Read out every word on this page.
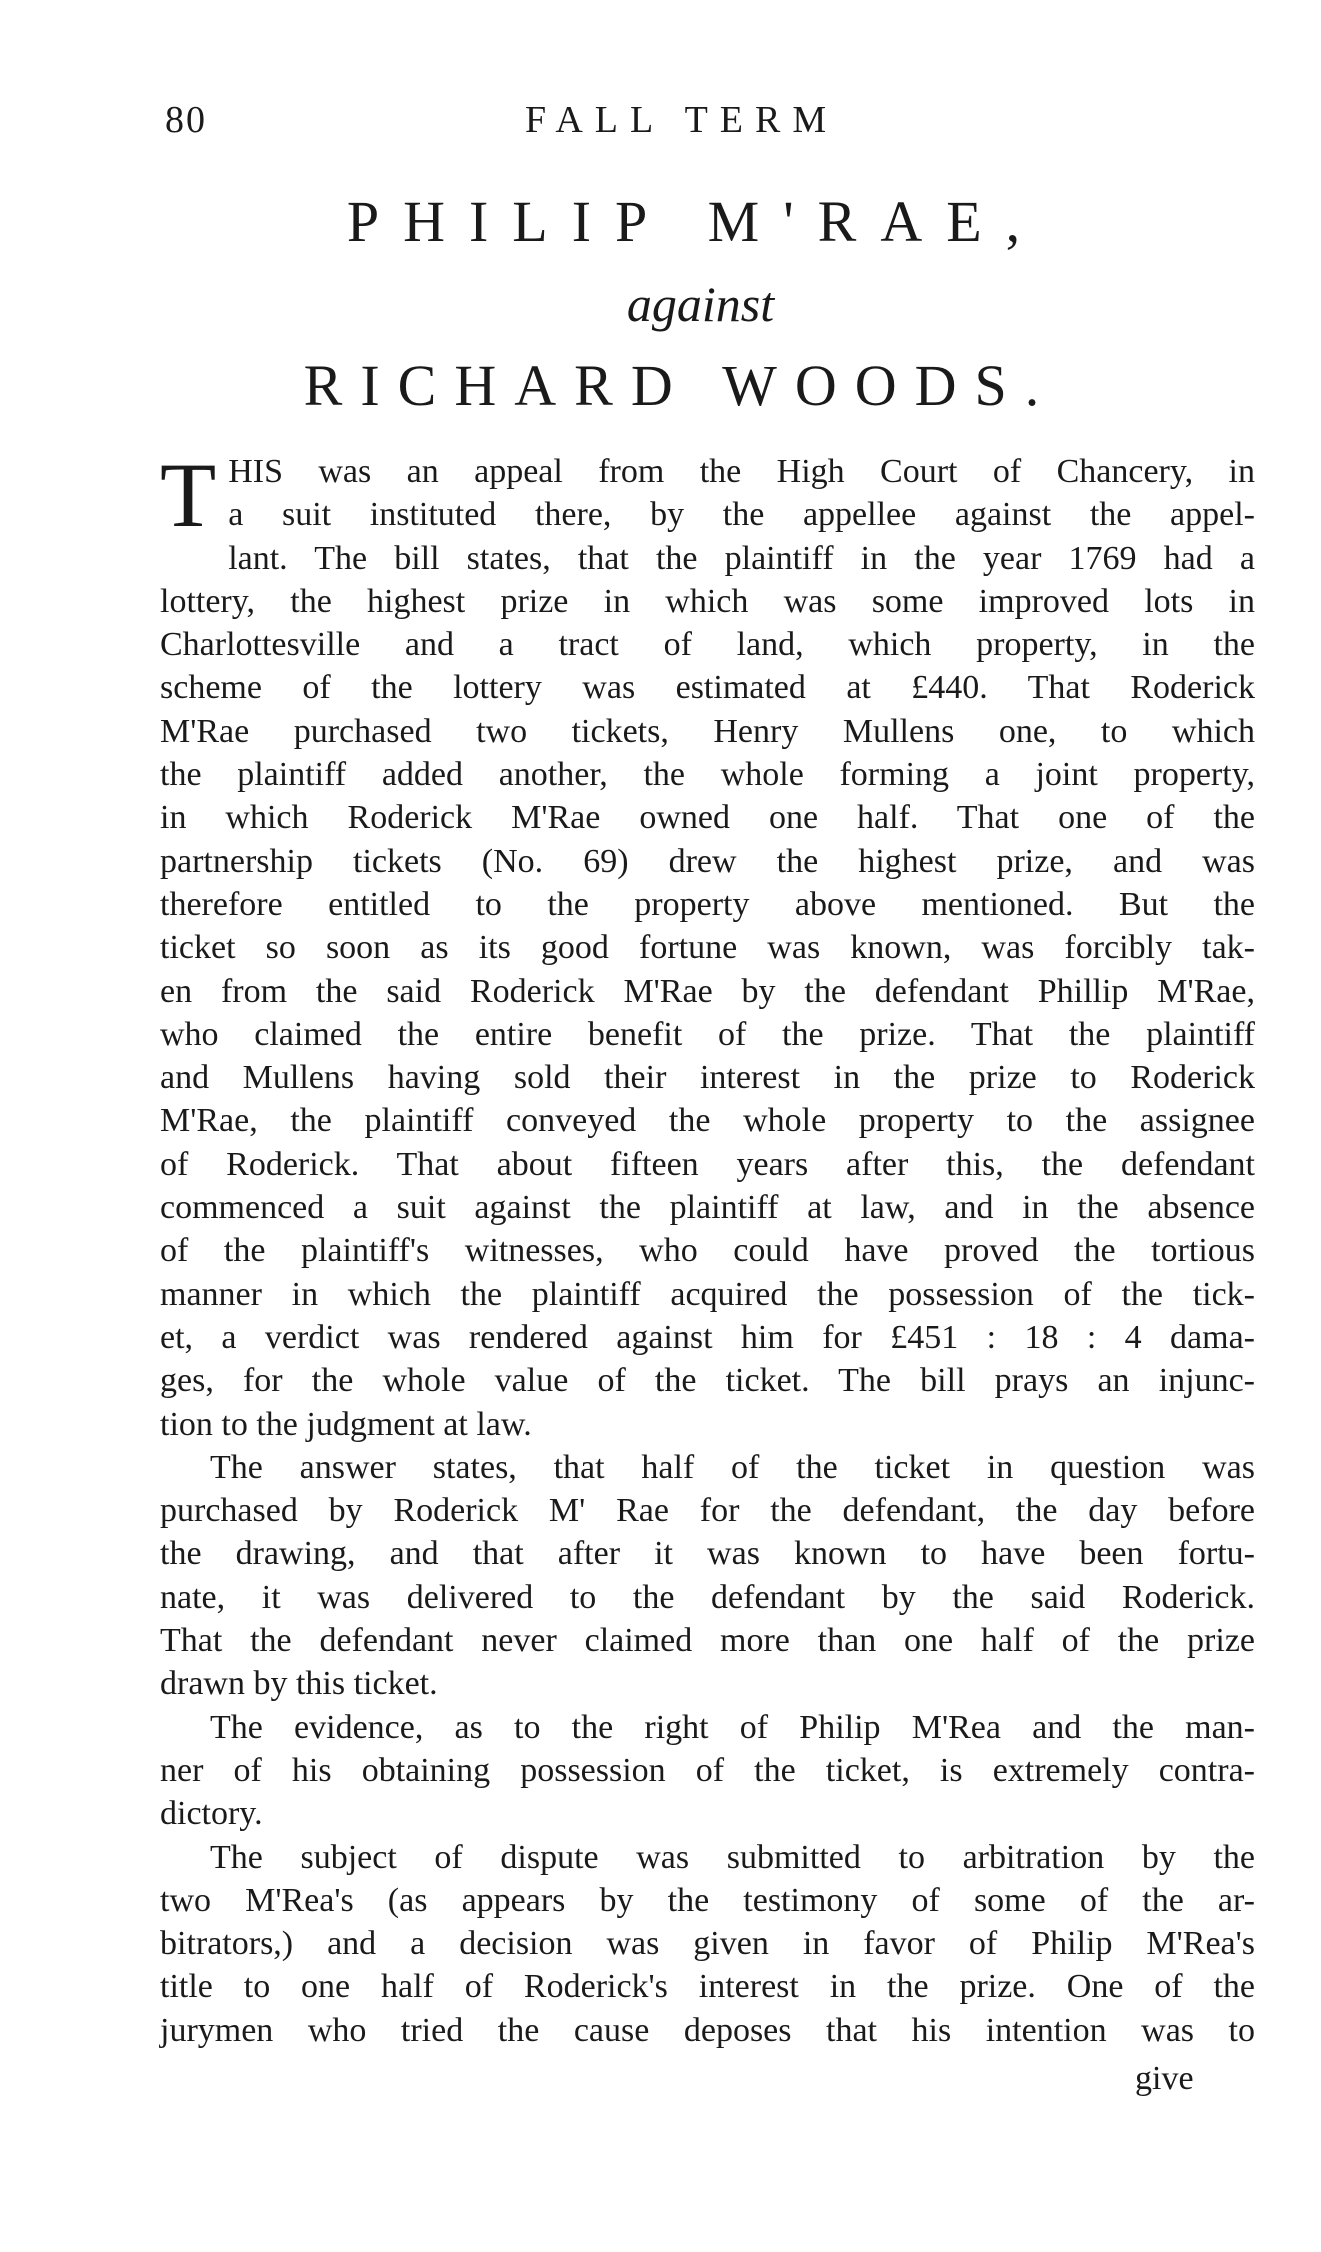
80	FALL TERM
PHILIP M'RAE,
against
RICHARD WOODS.
T HIS was an appeal from the High Court of Chancery, in
a suit instituted there, by the appellee against the appel-
lant. The bill states, that the plaintiff in the year 1769 had a
lottery, the highest prize in which was some improved lots in
Charlottesville and a tract of land, which property, in the
scheme of the lottery was estimated at £440. That Roderick
M'Rae purchased two tickets, Henry Mullens one, to which
the plaintiff added another, the whole forming a joint property,
in which Roderick M'Rae owned one half. That one of the
partnership tickets (No. 69) drew the highest prize, and was
therefore entitled to the property above mentioned. But the
ticket so soon as its good fortune was known, was forcibly tak-
en from the said Roderick M'Rae by the defendant Phillip M'Rae,
who claimed the entire benefit of the prize. That the plaintiff
and Mullens having sold their interest in the prize to Roderick
M'Rae, the plaintiff conveyed the whole property to the assignee
of Roderick. That about fifteen years after this, the defendant
commenced a suit against the plaintiff at law, and in the absence
of the plaintiff's witnesses, who could have proved the tortious
manner in which the plaintiff acquired the possession of the tick-
et, a verdict was rendered against him for £451 : 18 : 4 dama-
ges, for the whole value of the ticket. The bill prays an injunc-
tion to the judgment at law.
The answer states, that half of the ticket in question was
purchased by Roderick M' Rae for the defendant, the day before
the drawing, and that after it was known to have been fortu-
nate, it was delivered to the defendant by the said Roderick.
That the defendant never claimed more than one half of the prize
drawn by this ticket.
The evidence, as to the right of Philip M'Rea and the man-
ner of his obtaining possession of the ticket, is extremely contra-
dictory.
The subject of dispute was submitted to arbitration by the
two M'Rea's (as appears by the testimony of some of the ar-
bitrators,) and a decision was given in favor of Philip M'Rea's
title to one half of Roderick's interest in the prize. One of the
jurymen who tried the cause deposes that his intention was to
give
